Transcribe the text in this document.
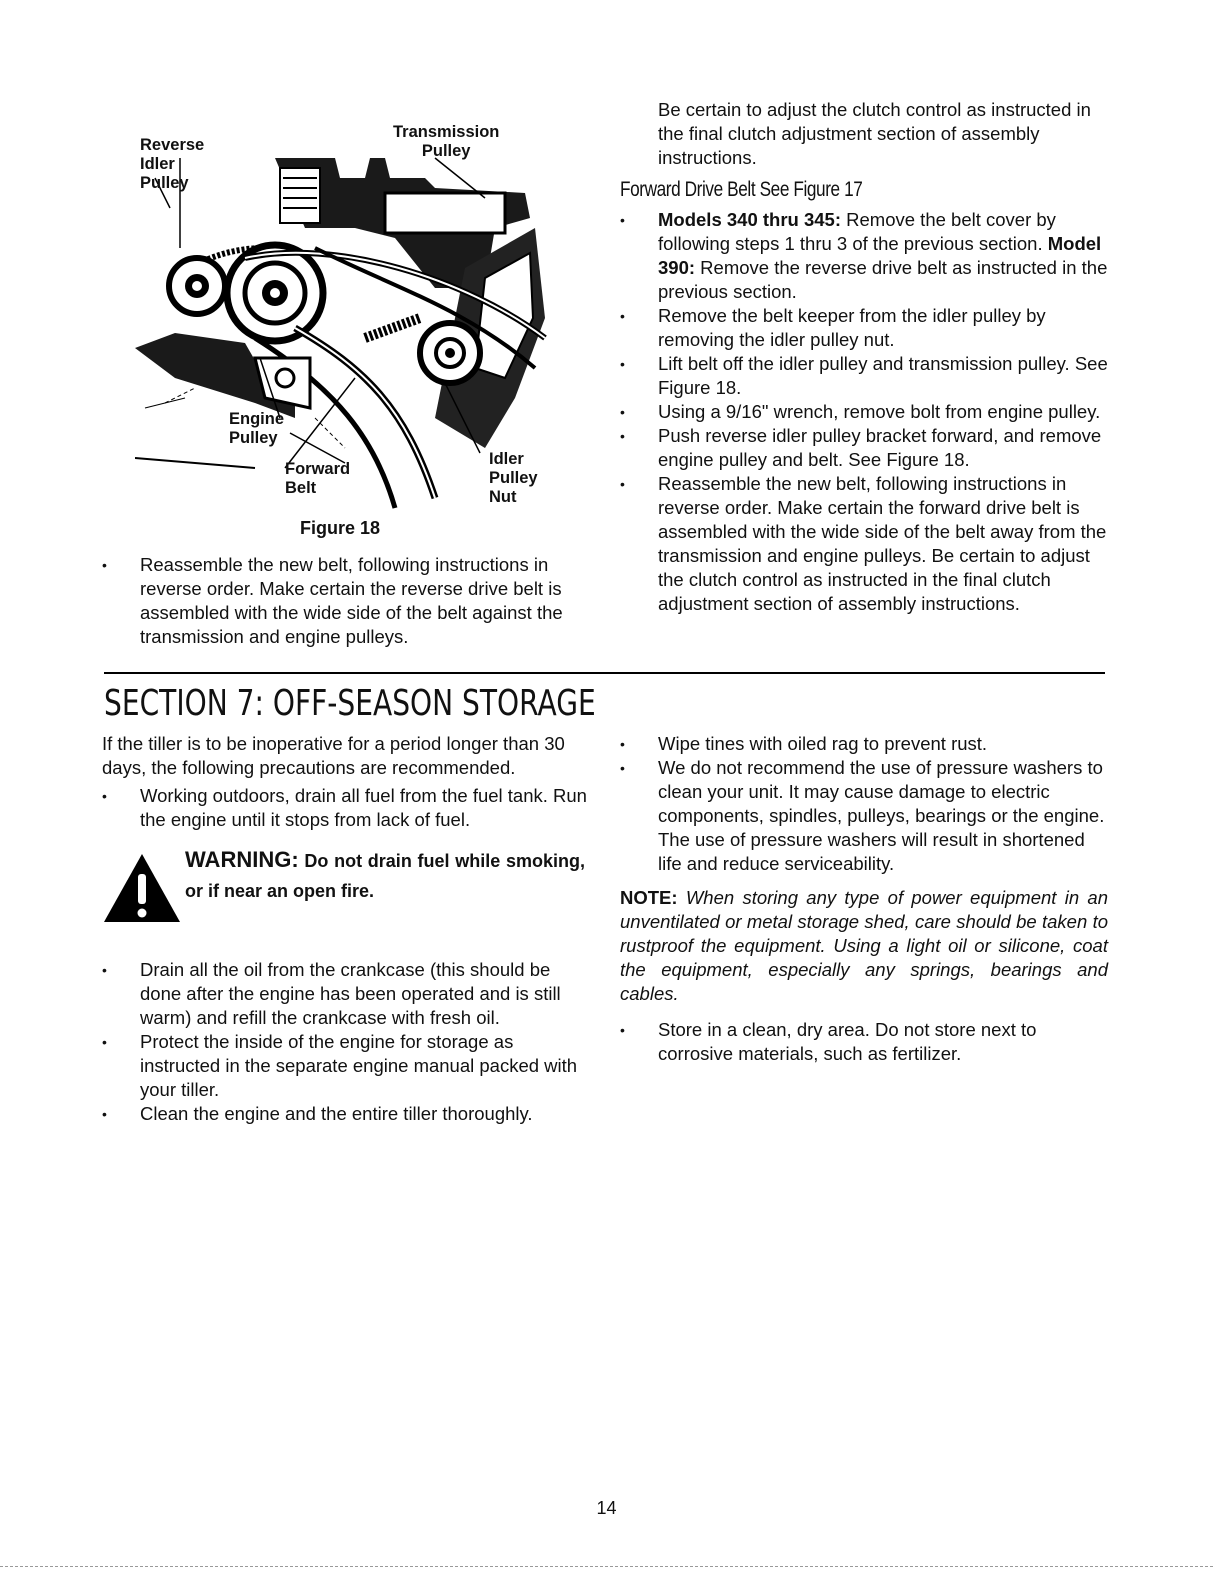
Reverse
Idler
Pulley
Transmission
Pulley
Engine
Pulley
Forward
Belt
Idler
Pulley
Nut
Figure 18
• Reassemble the new belt, following instructions in reverse order. Make certain the reverse drive belt is assembled with the wide side of the belt against the transmission and engine pulleys.
Be certain to adjust the clutch control as instructed in the final clutch adjustment section of assembly instructions.
Forward Drive Belt See Figure 17
• Models 340 thru 345: Remove the belt cover by following steps 1 thru 3 of the previous section. Model 390: Remove the reverse drive belt as instructed in the previous section.
• Remove the belt keeper from the idler pulley by removing the idler pulley nut.
• Lift belt off the idler pulley and transmission pulley. See Figure 18.
• Using a 9/16" wrench, remove bolt from engine pulley.
• Push reverse idler pulley bracket forward, and remove engine pulley and belt. See Figure 18.
• Reassemble the new belt, following instructions in reverse order. Make certain the forward drive belt is assembled with the wide side of the belt away from the transmission and engine pulleys. Be certain to adjust the clutch control as instructed in the final clutch adjustment section of assembly instructions.
SECTION 7: OFF-SEASON STORAGE
If the tiller is to be inoperative for a period longer than 30 days, the following precautions are recommended.
• Working outdoors, drain all fuel from the fuel tank. Run the engine until it stops from lack of fuel.
WARNING: Do not drain fuel while smoking, or if near an open fire.
• Drain all the oil from the crankcase (this should be done after the engine has been operated and is still warm) and refill the crankcase with fresh oil.
• Protect the inside of the engine for storage as instructed in the separate engine manual packed with your tiller.
• Clean the engine and the entire tiller thoroughly.
• Wipe tines with oiled rag to prevent rust.
• We do not recommend the use of pressure washers to clean your unit. It may cause damage to electric components, spindles, pulleys, bearings or the engine. The use of pressure washers will result in shortened life and reduce serviceability.
NOTE: When storing any type of power equipment in an unventilated or metal storage shed, care should be taken to rustproof the equipment. Using a light oil or silicone, coat the equipment, especially any springs, bearings and cables.
• Store in a clean, dry area. Do not store next to corrosive materials, such as fertilizer.
14
